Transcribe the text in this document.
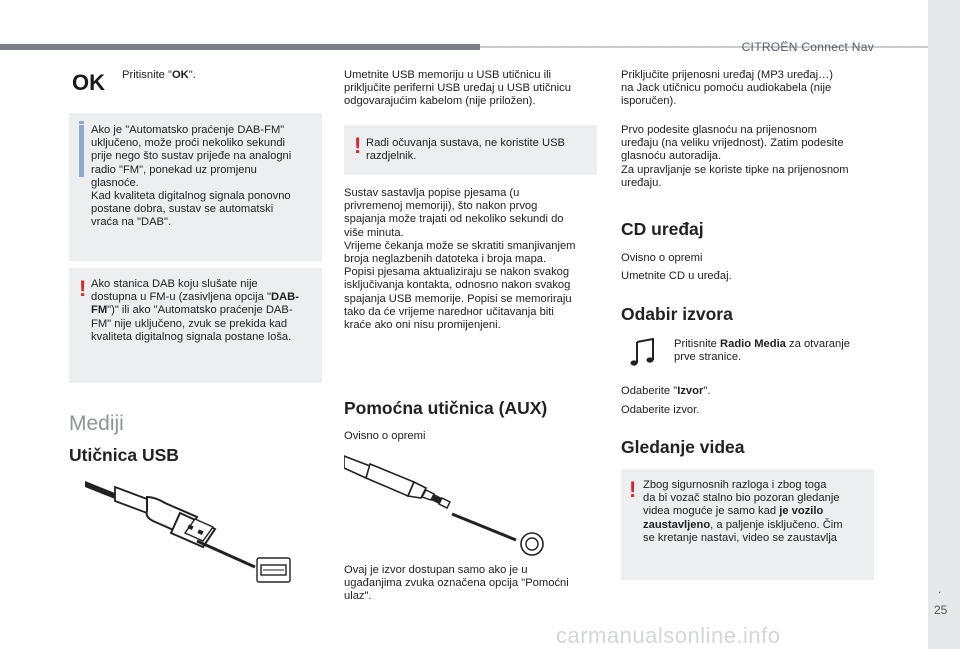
CITROËN Connect Nav
.
25
carmanualsonline.info
OK Pritisnite "OK".
Ako je "Automatsko praćenje DAB-FM"
uključeno, može proći nekoliko sekundi
prije nego što sustav prijeđe na analogni
radio "FM", ponekad uz promjenu
glasnoće.
Kad kvaliteta digitalnog signala ponovno
postane dobra, sustav se automatski
vraća na "DAB".
! Ako stanica DAB koju slušate nije
dostupna u FM-u (zasivljena opcija "DAB-
FM")" ili ako "Automatsko praćenje DAB-
FM" nije uključeno, zvuk se prekida kad
kvaliteta digitalnog signala postane loša.
Mediji
Utičnica USB
Umetnite USB memoriju u USB utičnicu ili
priključite periferni USB uređaj u USB utičnicu
odgovarajućim kabelom (nije priložen).
! Radi očuvanja sustava, ne koristite USB
razdjelnik.
Sustav sastavlja popise pjesama (u
privremenoj memoriji), što nakon prvog
spajanja može trajati od nekoliko sekundi do
više minuta.
Vrijeme čekanja može se skratiti smanjivanjem
broja neglazbenih datoteka i broja mapa.
Popisi pjesama aktualiziraju se nakon svakog
isključivanja kontakta, odnosno nakon svakog
spajanja USB memorije. Popisi se memoriraju
tako da će vrijeme naredног učitavanja biti
kraće ako oni nisu promijenjeni.
Pomoćna utičnica (AUX)
Ovisno o opremi
Ovaj je izvor dostupan samo ako je u
ugađanjima zvuka označena opcija "Pomoćni
ulaz".
Priključite prijenosni uređaj (MP3 uređaj…)
na Jack utičnicu pomoću audiokabela (nije
isporučen).
Prvo podesite glasnoću na prijenosnom
uređaju (na veliku vrijednost). Zatim podesite
glasnoću autoradija.
Za upravljanje se koriste tipke na prijenosnom
uređaju.
CD uređaj
Ovisno o opremi
Umetnite CD u uređaj.
Odabir izvora
Pritisnite Radio Media za otvaranje
prve stranice.
Odaberite "Izvor".
Odaberite izvor.
Gledanje videa
! Zbog sigurnosnih razloga i zbog toga
da bi vozač stalno bio pozoran gledanje
videa moguće je samo kad je vozilo
zaustavljeno, a paljenje isključeno. Čim
se kretanje nastavi, video se zaustavlja
